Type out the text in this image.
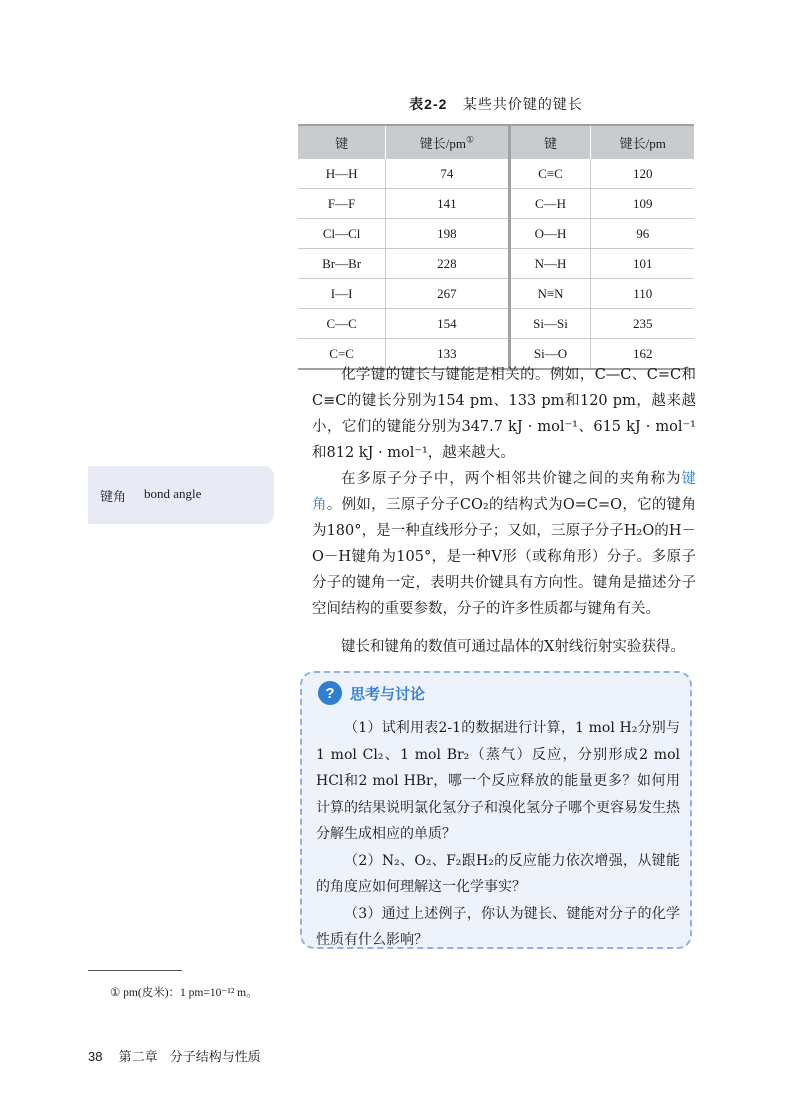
表2-2 某些共价键的键长
键	键长/pm①	键	键长/pm
H—H	74	C≡C	120
F—F	141	C—H	109
Cl—Cl	198	O—H	96
Br—Br	228	N—H	101
I—I	267	N≡N	110
C—C	154	Si—Si	235
C=C	133	Si—O	162

化学键的键长与键能是相关的。例如，C—C、C=C和C≡C的键长分别为154 pm、133 pm和120 pm，越来越小，它们的键能分别为347.7 kJ · mol⁻¹、615 kJ · mol⁻¹和812 kJ · mol⁻¹，越来越大。

在多原子分子中，两个相邻共价键之间的夹角称为键角。例如，三原子分子CO₂的结构式为O=C=O，它的键角为180°，是一种直线形分子；又如，三原子分子H₂O的H－O－H键角为105°，是一种V形（或称角形）分子。多原子分子的键角一定，表明共价键具有方向性。键角是描述分子空间结构的重要参数，分子的许多性质都与键角有关。

键长和键角的数值可通过晶体的X射线衍射实验获得。

键角 bond angle
?	思考与讨论

（1）试利用表2-1的数据进行计算，1 mol H₂分别与1 mol Cl₂、1 mol Br₂（蒸气）反应，分别形成2 mol HCl和2 mol HBr，哪一个反应释放的能量更多？如何用计算的结果说明氯化氢分子和溴化氢分子哪个更容易发生热分解生成相应的单质？

（2）N₂、O₂、F₂跟H₂的反应能力依次增强，从键能的角度应如何理解这一化学事实？

（3）通过上述例子，你认为键长、键能对分子的化学性质有什么影响？

① pm(皮米)：1 pm=10⁻¹² m。
38 第二章 分子结构与性质
